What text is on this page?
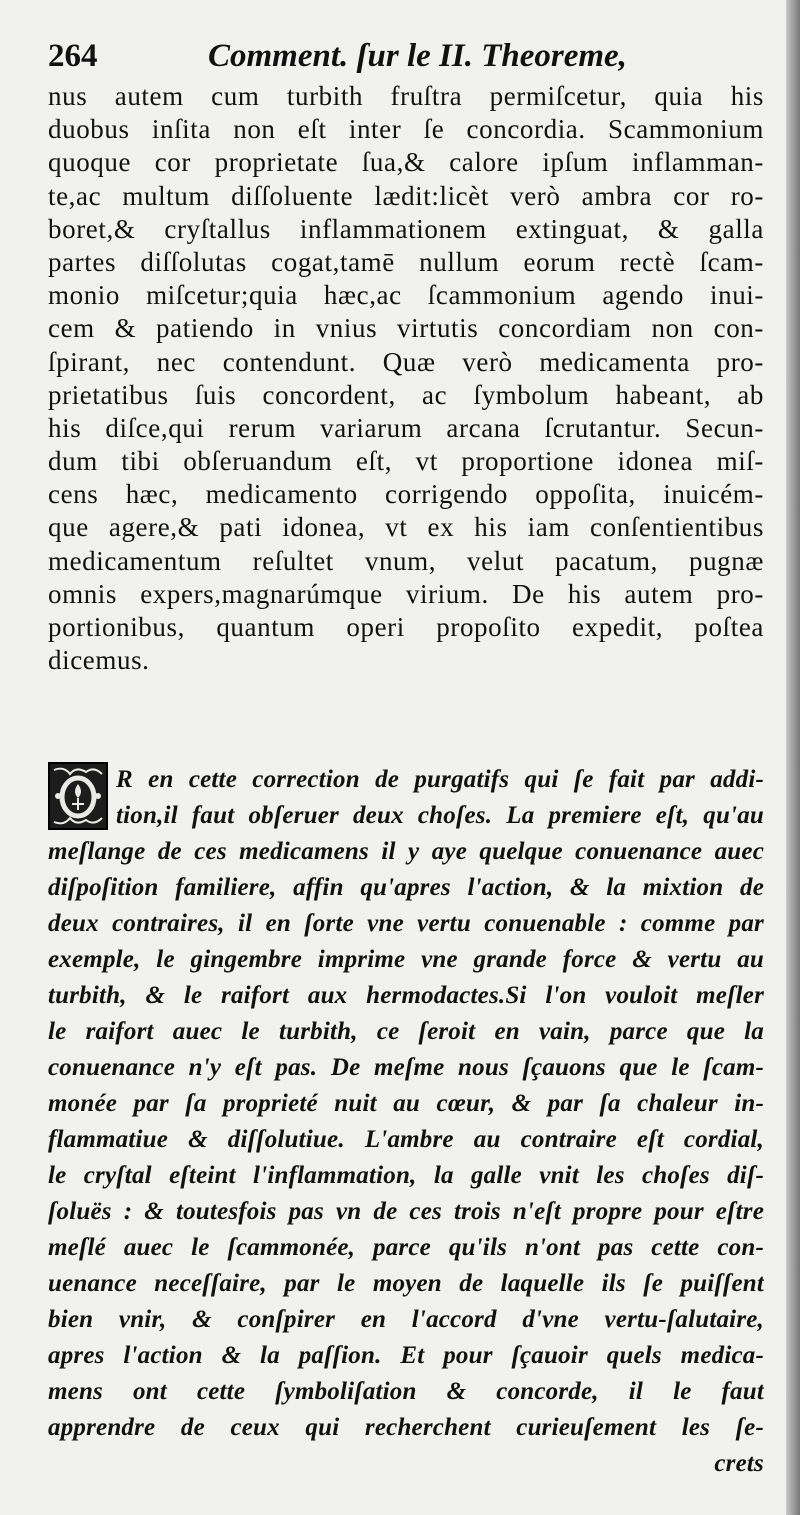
264	Comment. ſur le II. Theoreme,
nus autem cum turbith fruſtra permiſcetur, quia his
duobus inſita non eſt inter ſe concordia. Scammonium
quoque cor proprietate ſua,& calore ipſum inflamman-
te,ac multum diſſoluente lædit:licèt verò ambra cor ro-
boret,& cryſtallus inflammationem extinguat, & galla
partes diſſolutas cogat,tamē nullum eorum rectè ſcam-
monio miſcetur;quia hæc,ac ſcammonium agendo inui-
cem & patiendo in vnius virtutis concordiam non con-
ſpirant, nec contendunt. Quæ verò medicamenta pro-
prietatibus ſuis concordent, ac ſymbolum habeant, ab
his diſce,qui rerum variarum arcana ſcrutantur. Secun-
dum tibi obſeruandum eſt, vt proportione idonea miſ-
cens hæc, medicamento corrigendo oppoſita, inuicém-
que agere,& pati idonea, vt ex his iam conſentientibus
medicamentum reſultet vnum, velut pacatum, pugnæ
omnis expers,magnarúmque virium. De his autem pro-
portionibus, quantum operi propoſito expedit, poſtea
dicemus.
R en cette correction de purgatifs qui ſe fait par addi-
tion,il faut obſeruer deux choſes. La premiere eſt, qu'au
meſlange de ces medicamens il y aye quelque conuenance auec
diſpoſition familiere, affin qu'apres l'action, & la mixtion de
deux contraires, il en ſorte vne vertu conuenable : comme par
exemple, le gingembre imprime vne grande force & vertu au
turbith, & le raifort aux hermodactes.Si l'on vouloit meſler
le raifort auec le turbith, ce ſeroit en vain, parce que la
conuenance n'y eſt pas. De meſme nous ſçauons que le ſcam-
monée par ſa proprieté nuit au cœur, & par ſa chaleur in-
flammatiue & diſſolutiue. L'ambre au contraire eſt cordial,
le cryſtal eſteint l'inflammation, la galle vnit les choſes diſ-
ſoluës : & toutesfois pas vn de ces trois n'eſt propre pour eſtre
meſlé auec le ſcammonée, parce qu'ils n'ont pas cette con-
uenance neceſſaire, par le moyen de laquelle ils ſe puiſſent
bien vnir, & conſpirer en l'accord d'vne vertu-ſalutaire,
apres l'action & la paſſion. Et pour ſçauoir quels medica-
mens ont cette ſymboliſation & concorde, il le faut
apprendre de ceux qui recherchent curieuſement les ſe-
crets
